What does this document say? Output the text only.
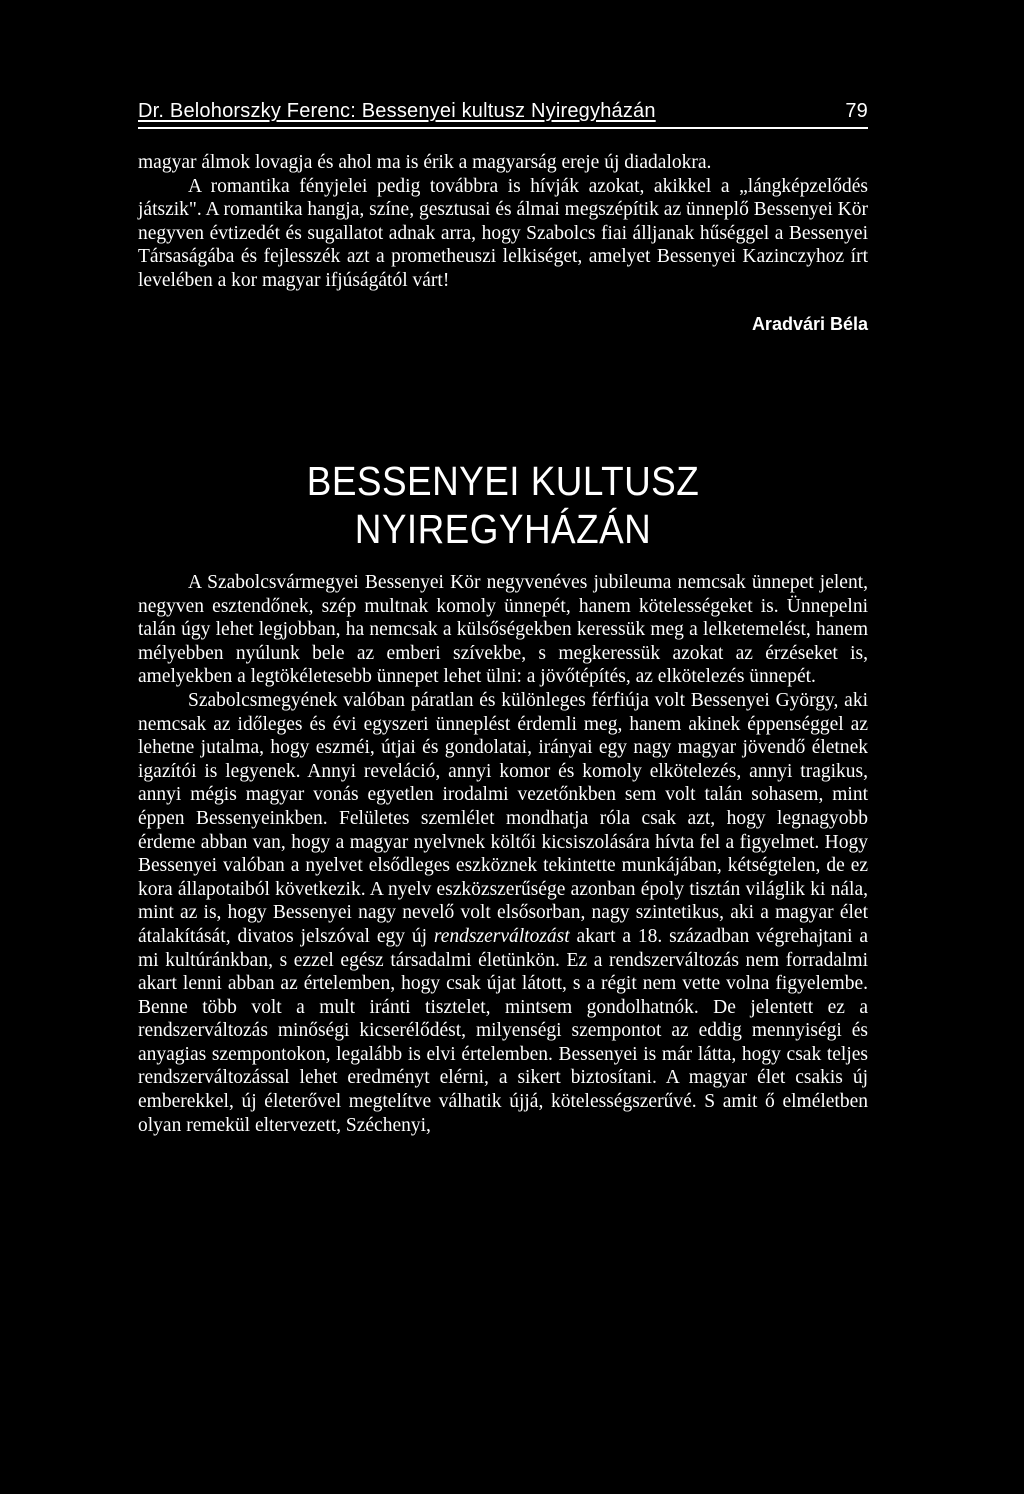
Dr. Belohorszky Ferenc: Bessenyei kultusz Nyiregyházán	79

magyar álmok lovagja és ahol ma is érik a magyarság ereje új diadalokra.

A romantika fényjelei pedig továbbra is hívják azokat, akikkel a „lángképzelődés játszik". A romantika hangja, színe, gesztusai és álmai megszépítik az ünneplő Bessenyei Kör negyven évtizedét és sugallatot adnak arra, hogy Szabolcs fiai álljanak hűséggel a Bessenyei Társaságába és fejlesszék azt a prometheuszi lelkiséget, amelyet Bessenyei Kazinczyhoz írt levelében a kor magyar ifjúságától várt!

Aradvári Béla
BESSENYEI KULTUSZ NYIREGYHÁZÁN

A Szabolcsvármegyei Bessenyei Kör negyvenéves jubileuma nemcsak ünnepet jelent, negyven esztendőnek, szép multnak komoly ünnepét, hanem kötelességeket is. Ünnepelni talán úgy lehet legjobban, ha nemcsak a külsőségekben keressük meg a lelketemelést, hanem mélyebben nyúlunk bele az emberi szívekbe, s megkeressük azokat az érzéseket is, amelyekben a legtökéletesebb ünnepet lehet ülni: a jövőtépítés, az elkötelezés ünnepét.

Szabolcsmegyének valóban páratlan és különleges férfiúja volt Bessenyei György, aki nemcsak az időleges és évi egyszeri ünneplést érdemli meg, hanem akinek éppenséggel az lehetne jutalma, hogy eszméi, útjai és gondolatai, irányai egy nagy magyar jövendő életnek igazítói is legyenek. Annyi reveláció, annyi komor és komoly elkötelezés, annyi tragikus, annyi mégis magyar vonás egyetlen irodalmi vezetőnkben sem volt talán sohasem, mint éppen Bessenyeinkben. Felületes szemlélet mondhatja róla csak azt, hogy legnagyobb érdeme abban van, hogy a magyar nyelvnek költői kicsiszolására hívta fel a figyelmet. Hogy Bessenyei valóban a nyelvet elsődleges eszköznek tekintette munkájában, kétségtelen, de ez kora állapotaiból következik. A nyelv eszközszerűsége azonban époly tisztán világlik ki nála, mint az is, hogy Bessenyei nagy nevelő volt elsősorban, nagy szintetikus, aki a magyar élet átalakítását, divatos jelszóval egy új rendszerváltozást akart a 18. században végrehajtani a mi kultúránkban, s ezzel egész társadalmi életünkön. Ez a rendszerváltozás nem forradalmi akart lenni abban az értelemben, hogy csak újat látott, s a régit nem vette volna figyelembe. Benne több volt a mult iránti tisztelet, mintsem gondolhatnók. De jelentett ez a rendszerváltozás minőségi kicserélődést, milyenségi szempontot az eddig mennyiségi és anyagias szempontokon, legalább is elvi értelemben. Bessenyei is már látta, hogy csak teljes rendszerváltozással lehet eredményt elérni, a sikert biztosítani. A magyar élet csakis új emberekkel, új életerővel megtelítve válhatik újjá, kötelességszerűvé. S amit ő elméletben olyan remekül eltervezett, Széchenyi,
